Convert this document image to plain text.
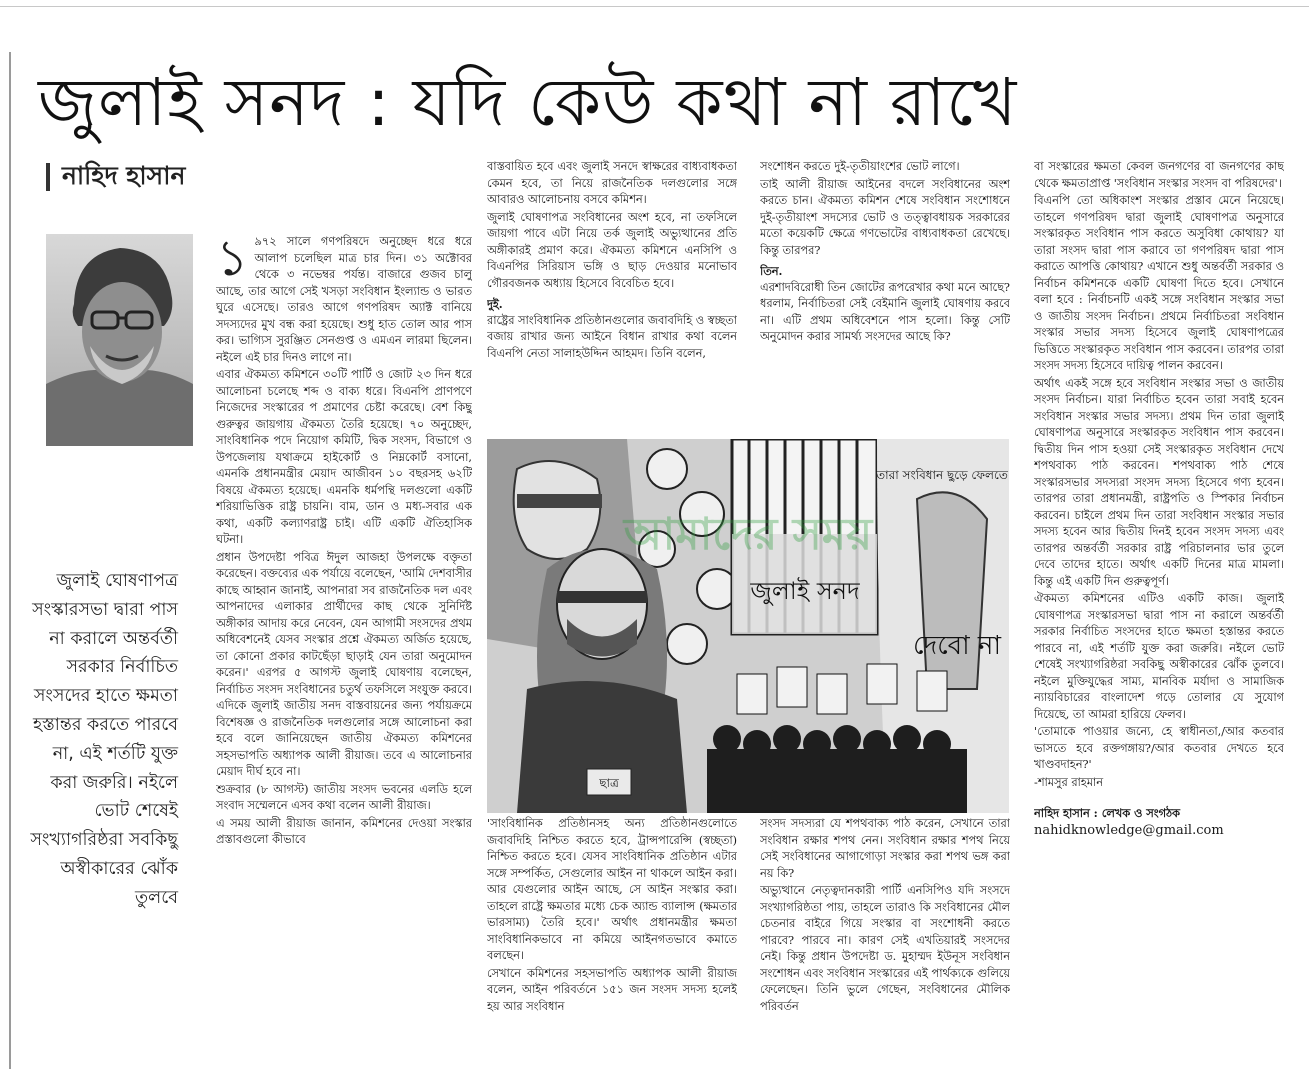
জুলাই সনদ : যদি কেউ কথা না রাখে
নাহিদ হাসান
জুলাই ঘোষণাপত্র সংস্কারসভা দ্বারা পাস না করালে অন্তর্বর্তী সরকার নির্বাচিত সংসদের হাতে ক্ষমতা হস্তান্তর করতে পারবে না, এই শর্তটি যুক্ত করা জরুরি। নইলে ভোট শেষেই সংখ্যাগরিষ্ঠরা সবকিছু অস্বীকারের ঝোঁক তুলবে
১ ৯৭২ সালে গণপরিষদে অনুচ্ছেদ ধরে ধরে আলাপ চলেছিল মাত্র চার দিন। ৩১ অক্টোবর থেকে ৩ নভেম্বর পর্যন্ত। বাজারে গুজব চালু আছে, তার আগে সেই খসড়া সংবিধান ইংল্যান্ড ও ভারত ঘুরে এসেছে। তারও আগে গণপরিষদ অ্যাক্ট বানিয়ে সদস্যদের মুখ বন্ধ করা হয়েছে। শুধু হাত তোল আর পাস কর। ভাগ্যিস সুরঞ্জিত সেনগুপ্ত ও এমএন লারমা ছিলেন। নইলে এই চার দিনও লাগে না।

এবার ঐকমত্য কমিশনে ৩০টি পার্টি ও জোট ২৩ দিন ধরে আলোচনা চলেছে শব্দ ও বাক্য ধরে। বিএনপি প্রাণপণে নিজেদের সংস্কারের প প্রমাণের চেষ্টা করেছে। বেশ কিছু গুরুত্বর জায়গায় ঐকমত্য তৈরি হয়েছে। ৭০ অনুচ্ছেদ, সাংবিধানিক পদে নিয়োগ কমিটি, দ্বিক সংসদ, বিভাগে ও উপজেলায় যথাক্রমে হাইকোর্ট ও নিম্নকোর্ট বসানো, এমনকি প্রধানমন্ত্রীর মেয়াদ আজীবন ১০ বছরসহ ৬২টি বিষয়ে ঐকমত্য হয়েছে। এমনকি ধর্মপন্থি দলগুলো একটি শরিয়াভিত্তিক রাষ্ট্র চায়নি। বাম, ডান ও মধ্য-সবার এক কথা, একটি কল্যাণরাষ্ট্র চাই। এটি একটি ঐতিহাসিক ঘটনা।

প্রধান উপদেষ্টা পবিত্র ঈদুল আজহা উপলক্ষে বক্তৃতা করেছেন। বক্তব্যের এক পর্যায়ে বলেছেন, 'আমি দেশবাসীর কাছে আহ্বান জানাই, আপনারা সব রাজনৈতিক দল এবং আপনাদের এলাকার প্রার্থীদের কাছ থেকে সুনির্দিষ্ট অঙ্গীকার আদায় করে নেবেন, যেন আগামী সংসদের প্রথম অধিবেশনেই যেসব সংস্কার প্রশ্নে ঐকমত্য অর্জিত হয়েছে, তা কোনো প্রকার কাটছেঁড়া ছাড়াই যেন তারা অনুমোদন করেন।' এরপর ৫ আগস্ট জুলাই ঘোষণায় বলেছেন, নির্বাচিত সংসদ সংবিধানের চতুর্থ তফসিলে সংযুক্ত করবে। এদিকে জুলাই জাতীয় সনদ বাস্তবায়নের জন্য পর্যায়ক্রমে বিশেষজ্ঞ ও রাজনৈতিক দলগুলোর সঙ্গে আলোচনা করা হবে বলে জানিয়েছেন জাতীয় ঐকমত্য কমিশনের সহসভাপতি অধ্যাপক আলী রীয়াজ। তবে এ আলোচনার মেয়াদ দীর্ঘ হবে না।

শুক্রবার (৮ আগস্ট) জাতীয় সংসদ ভবনের এলডি হলে সংবাদ সম্মেলনে এসব কথা বলেন আলী রীয়াজ।

এ সময় আলী রীয়াজ জানান, কমিশনের দেওয়া সংস্কার প্রস্তাবগুলো কীভাবে

বাস্তবায়িত হবে এবং জুলাই সনদে স্বাক্ষরের বাধ্যবাধকতা কেমন হবে, তা নিয়ে রাজনৈতিক দলগুলোর সঙ্গে আবারও আলোচনায় বসবে কমিশন।

জুলাই ঘোষণাপত্র সংবিধানের অংশ হবে, না তফসিলে জায়গা পাবে এটা নিয়ে তর্ক জুলাই অভ্যুত্থানের প্রতি অঙ্গীকারই প্রমাণ করে। ঐকমত্য কমিশনে এনসিপি ও বিএনপির সিরিয়াস ভঙ্গি ও ছাড় দেওয়ার মনোভাব গৌরবজনক অধ্যায় হিসেবে বিবেচিত হবে।

দুই.

রাষ্ট্রের সাংবিধানিক প্রতিষ্ঠানগুলোর জবাবদিহি ও স্বচ্ছতা বজায় রাখার জন্য আইনে বিধান রাখার কথা বলেন বিএনপি নেতা সালাহউদ্দিন আহমদ। তিনি বলেন,

সংশোধন করতে দুই-তৃতীয়াংশের ভোট লাগে।

তাই আলী রীয়াজ আইনের বদলে সংবিধানের অংশ করতে চান। ঐকমত্য কমিশন শেষে সংবিধান সংশোধনে দুই-তৃতীয়াংশ সদস্যের ভোট ও তত্ত্বাবধায়ক সরকারের মতো কয়েকটি ক্ষেত্রে গণভোটের বাধ্যবাধকতা রেখেছে। কিন্তু তারপর?

তিন.

এরশাদবিরোধী তিন জোটের রূপরেখার কথা মনে আছে? ধরলাম, নির্বাচিতরা সেই বেইমানি জুলাই ঘোষণায় করবে না। এটি প্রথম অধিবেশনে পাস হলো। কিন্তু সেটি অনুমোদন করার সামর্থ্য সংসদের আছে কি?

ছাত্র
জুলাই সনদ
তারা সংবিধান ছুড়ে ফেলতে
দেবো না
আমাদের সময়

'সাংবিধানিক প্রতিষ্ঠানসহ অন্য প্রতিষ্ঠানগুলোতে জবাবদিহি নিশ্চিত করতে হবে, ট্রান্সপারেন্সি (স্বচ্ছতা) নিশ্চিত করতে হবে। যেসব সাংবিধানিক প্রতিষ্ঠান এটার সঙ্গে সম্পর্কিত, সেগুলোর আইন না থাকলে আইন করা। আর যেগুলোর আইন আছে, সে আইন সংস্কার করা। তাহলে রাষ্ট্রে ক্ষমতার মধ্যে চেক অ্যান্ড ব্যালান্স (ক্ষমতার ভারসাম্য) তৈরি হবে।' অর্থাৎ প্রধানমন্ত্রীর ক্ষমতা সাংবিধানিকভাবে না কমিয়ে আইনগতভাবে কমাতে বলছেন।

সেখানে কমিশনের সহসভাপতি অধ্যাপক আলী রীয়াজ বলেন, আইন পরিবর্তনে ১৫১ জন সংসদ সদস্য হলেই হয় আর সংবিধান

সংসদ সদস্যরা যে শপথবাক্য পাঠ করেন, সেখানে তারা সংবিধান রক্ষার শপথ নেন। সংবিধান রক্ষার শপথ নিয়ে সেই সংবিধানের আগাগোড়া সংস্কার করা শপথ ভঙ্গ করা নয় কি?

অভ্যুত্থানে নেতৃত্বদানকারী পার্টি এনসিপিও যদি সংসদে সংখ্যাগরিষ্ঠতা পায়, তাহলে তারাও কি সংবিধানের মৌল চেতনার বাইরে গিয়ে সংস্কার বা সংশোধনী করতে পারবে? পারবে না। কারণ সেই এখতিয়ারই সংসদের নেই। কিন্তু প্রধান উপদেষ্টা ড. মুহাম্মদ ইউনূস সংবিধান সংশোধন এবং সংবিধান সংস্কারের এই পার্থক্যকে গুলিয়ে ফেলেছেন। তিনি ভুলে গেছেন, সংবিধানের মৌলিক পরিবর্তন

বা সংস্কারের ক্ষমতা কেবল জনগণের বা জনগণের কাছ থেকে ক্ষমতাপ্রাপ্ত 'সংবিধান সংস্কার সংসদ বা পরিষদের'।

বিএনপি তো অধিকাংশ সংস্কার প্রস্তাব মেনে নিয়েছে। তাহলে গণপরিষদ দ্বারা জুলাই ঘোষণাপত্র অনুসারে সংস্কারকৃত সংবিধান পাস করতে অসুবিধা কোথায়? যা তারা সংসদ দ্বারা পাস করাবে তা গণপরিষদ দ্বারা পাস করাতে আপত্তি কোথায়? এখানে শুধু অন্তর্বর্তী সরকার ও নির্বাচন কমিশনকে একটি ঘোষণা দিতে হবে। সেখানে বলা হবে : নির্বাচনটি একই সঙ্গে সংবিধান সংস্কার সভা ও জাতীয় সংসদ নির্বাচন। প্রথমে নির্বাচিতরা সংবিধান সংস্কার সভার সদস্য হিসেবে জুলাই ঘোষণাপত্রের ভিত্তিতে সংস্কারকৃত সংবিধান পাস করবেন। তারপর তারা সংসদ সদস্য হিসেবে দায়িত্ব পালন করবেন।

অর্থাৎ একই সঙ্গে হবে সংবিধান সংস্কার সভা ও জাতীয় সংসদ নির্বাচন। যারা নির্বাচিত হবেন তারা সবাই হবেন সংবিধান সংস্কার সভার সদস্য। প্রথম দিন তারা জুলাই ঘোষণাপত্র অনুসারে সংস্কারকৃত সংবিধান পাস করবেন। দ্বিতীয় দিন পাস হওয়া সেই সংস্কারকৃত সংবিধান দেখে শপথবাক্য পাঠ করবেন। শপথবাক্য পাঠ শেষে সংস্কারসভার সদস্যরা সংসদ সদস্য হিসেবে গণ্য হবেন। তারপর তারা প্রধানমন্ত্রী, রাষ্ট্রপতি ও স্পিকার নির্বাচন করবেন। চাইলে প্রথম দিন তারা সংবিধান সংস্কার সভার সদস্য হবেন আর দ্বিতীয় দিনই হবেন সংসদ সদস্য এবং তারপর অন্তর্বর্তী সরকার রাষ্ট্র পরিচালনার ভার তুলে দেবে তাদের হাতে। অর্থাৎ একটি দিনের মাত্র মামলা। কিন্তু এই একটি দিন গুরুত্বপূর্ণ।

ঐকমত্য কমিশনের এটিও একটি কাজ। জুলাই ঘোষণাপত্র সংস্কারসভা দ্বারা পাস না করালে অন্তর্বর্তী সরকার নির্বাচিত সংসদের হাতে ক্ষমতা হস্তান্তর করতে পারবে না, এই শর্তটি যুক্ত করা জরুরি। নইলে ভোট শেষেই সংখ্যাগরিষ্ঠরা সবকিছু অস্বীকারের ঝোঁক তুলবে। নইলে মুক্তিযুদ্ধের সাম্য, মানবিক মর্যাদা ও সামাজিক ন্যায়বিচারের বাংলাদেশ গড়ে তোলার যে সুযোগ দিয়েছে, তা আমরা হারিয়ে ফেলব।

'তোমাকে পাওয়ার জন্যে, হে স্বাধীনতা,/আর কতবার ভাসতে হবে রক্তগঙ্গায়?/আর কতবার দেখতে হবে খাণ্ডবদাহন?'

-শামসুর রাহমান

নাহিদ হাসান : লেখক ও সংগঠক

nahidknowledge@gmail.com
